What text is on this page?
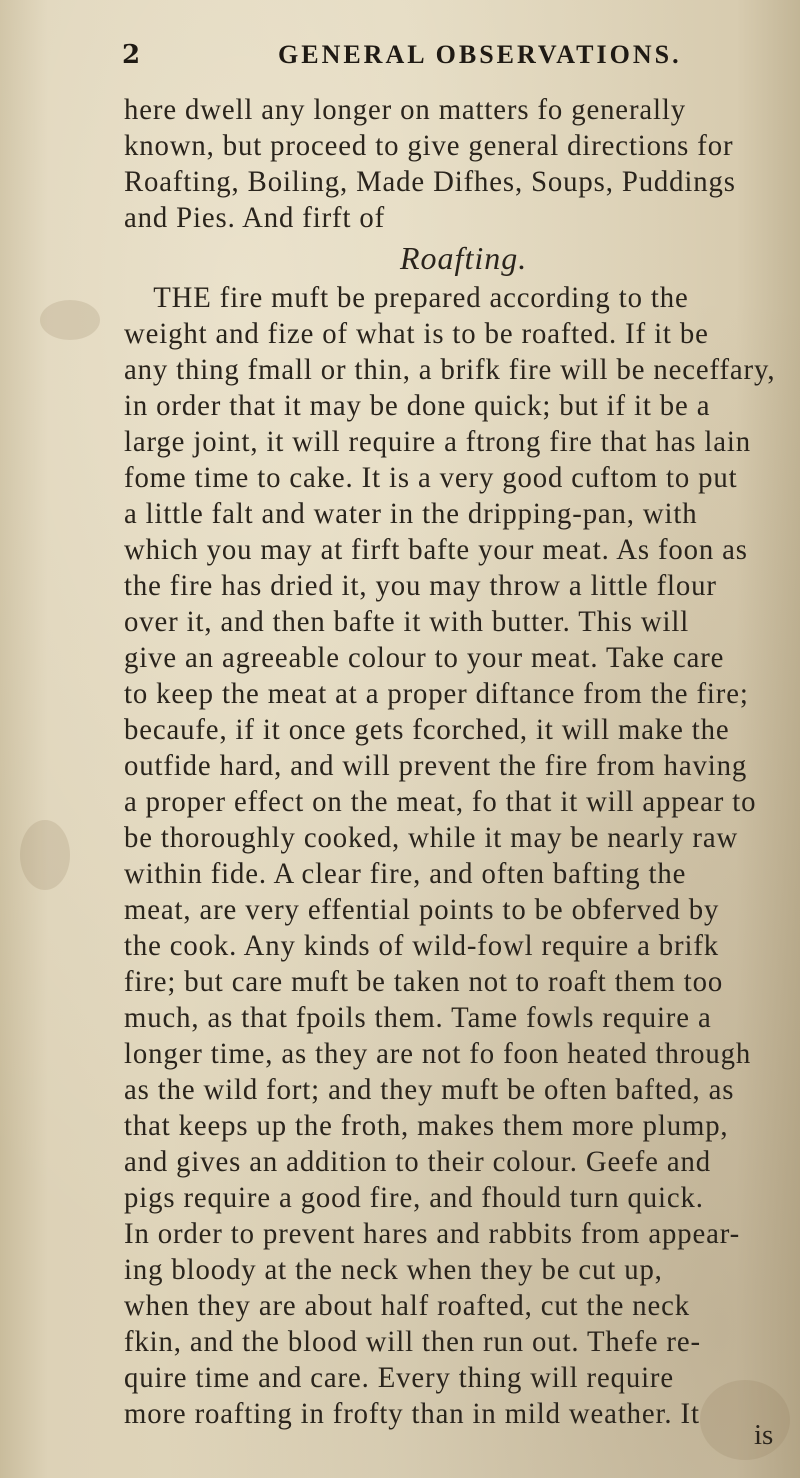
2	GENERAL OBSERVATIONS.
here dwell any longer on matters fo generally
known, but proceed to give general directions for
Roafting, Boiling, Made Difhes, Soups, Puddings
and Pies. And firft of
Roafting.
THE fire muft be prepared according to the
weight and fize of what is to be roafted. If it be
any thing fmall or thin, a brifk fire will be neceffary,
in order that it may be done quick; but if it be a
large joint, it will require a ftrong fire that has lain
fome time to cake. It is a very good cuftom to put
a little falt and water in the dripping-pan, with
which you may at firft bafte your meat. As foon as
the fire has dried it, you may throw a little flour
over it, and then bafte it with butter. This will
give an agreeable colour to your meat. Take care
to keep the meat at a proper diftance from the fire;
becaufe, if it once gets fcorched, it will make the
outfide hard, and will prevent the fire from having
a proper effect on the meat, fo that it will appear to
be thoroughly cooked, while it may be nearly raw
within fide. A clear fire, and often bafting the
meat, are very effential points to be obferved by
the cook. Any kinds of wild-fowl require a brifk
fire; but care muft be taken not to roaft them too
much, as that fpoils them. Tame fowls require a
longer time, as they are not fo foon heated through
as the wild fort; and they muft be often bafted, as
that keeps up the froth, makes them more plump,
and gives an addition to their colour. Geefe and
pigs require a good fire, and fhould turn quick.
In order to prevent hares and rabbits from appear-
ing bloody at the neck when they be cut up,
when they are about half roafted, cut the neck
fkin, and the blood will then run out. Thefe re-
quire time and care. Every thing will require
more roafting in frofty than in mild weather. It
is
